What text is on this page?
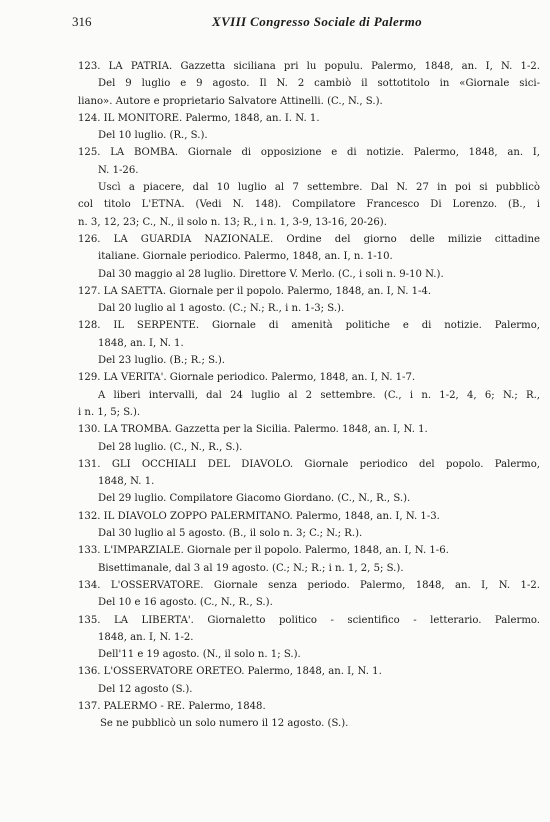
316	XVIII Congresso Sociale di Palermo
123. LA PATRIA. Gazzetta siciliana pri lu populu. Palermo, 1848, an. I, N. 1-2.
Del 9 luglio e 9 agosto. Il N. 2 cambiò il sottotitolo in «Giornale sici-
liano». Autore e proprietario Salvatore Attinelli. (C., N., S.).
124. IL MONITORE. Palermo, 1848, an. I. N. 1.
Del 10 luglio. (R., S.).
125. LA BOMBA. Giornale di opposizione e di notizie. Palermo, 1848, an. I,
N. 1-26.
Uscì a piacere, dal 10 luglio al 7 settembre. Dal N. 27 in poi si pubblicò
col titolo L'ETNA. (Vedi N. 148). Compilatore Francesco Di Lorenzo. (B., i
n. 3, 12, 23; C., N., il solo n. 13; R., i n. 1, 3-9, 13-16, 20-26).
126. LA GUARDIA NAZIONALE. Ordine del giorno delle milizie cittadine
italiane. Giornale periodico. Palermo, 1848, an. I, n. 1-10.
Dal 30 maggio al 28 luglio. Direttore V. Merlo. (C., i soli n. 9-10 N.).
127. LA SAETTA. Giornale per il popolo. Palermo, 1848, an. I, N. 1-4.
Dal 20 luglio al 1 agosto. (C.; N.; R., i n. 1-3; S.).
128. IL SERPENTE. Giornale di amenità politiche e di notizie. Palermo,
1848, an. I, N. 1.
Del 23 luglio. (B.; R.; S.).
129. LA VERITA'. Giornale periodico. Palermo, 1848, an. I, N. 1-7.
A liberi intervalli, dal 24 luglio al 2 settembre. (C., i n. 1-2, 4, 6; N.; R.,
i n. 1, 5; S.).
130. LA TROMBA. Gazzetta per la Sicilia. Palermo. 1848, an. I, N. 1.
Del 28 luglio. (C., N., R., S.).
131. GLI OCCHIALI DEL DIAVOLO. Giornale periodico del popolo. Palermo,
1848, N. 1.
Del 29 luglio. Compilatore Giacomo Giordano. (C., N., R., S.).
132. IL DIAVOLO ZOPPO PALERMITANO. Palermo, 1848, an. I, N. 1-3.
Dal 30 luglio al 5 agosto. (B., il solo n. 3; C.; N.; R.).
133. L'IMPARZIALE. Giornale per il popolo. Palermo, 1848, an. I, N. 1-6.
Bisettimanale, dal 3 al 19 agosto. (C.; N.; R.; i n. 1, 2, 5; S.).
134. L'OSSERVATORE. Giornale senza periodo. Palermo, 1848, an. I, N. 1-2.
Del 10 e 16 agosto. (C., N., R., S.).
135. LA LIBERTA'. Giornaletto politico - scientifico - letterario. Palermo.
1848, an. I, N. 1-2.
Dell'11 e 19 agosto. (N., il solo n. 1; S.).
136. L'OSSERVATORE ORETEO. Palermo, 1848, an. I, N. 1.
Del 12 agosto (S.).
137. PALERMO - RE. Palermo, 1848.
Se ne pubblicò un solo numero il 12 agosto. (S.).
